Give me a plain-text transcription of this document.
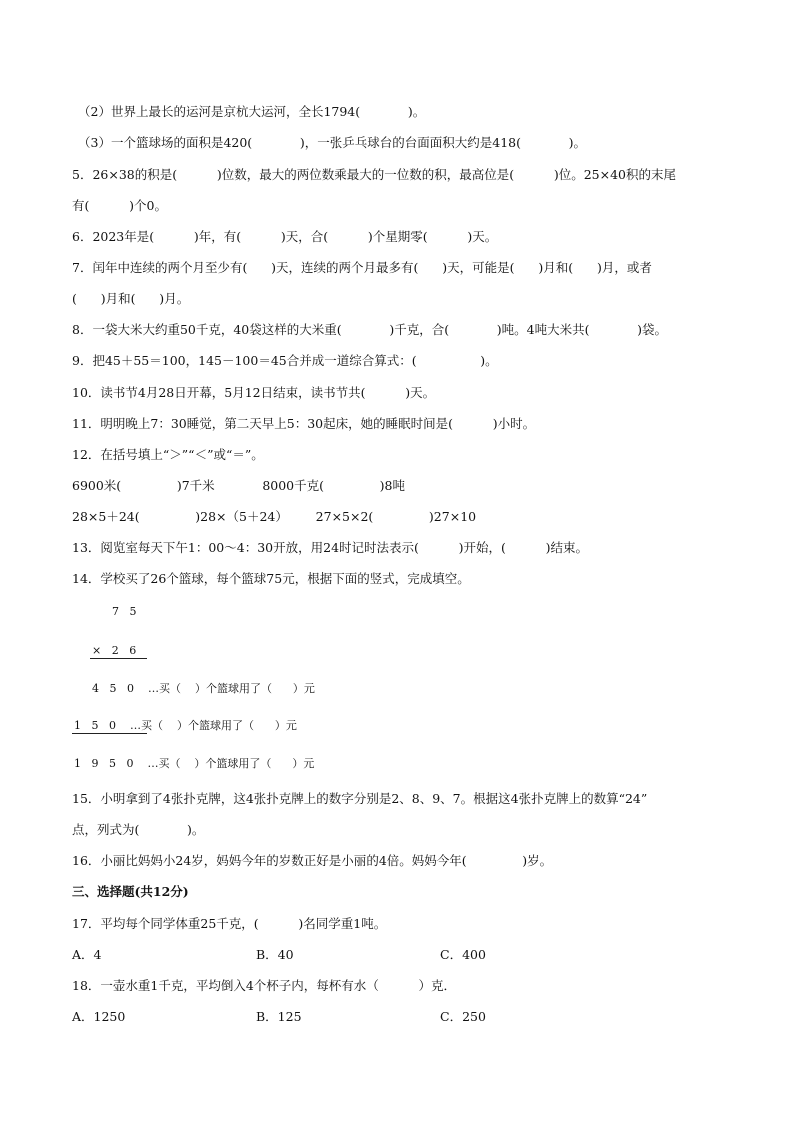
（2）世界上最长的运河是京杭大运河，全长1794(            )。
（3）一个篮球场的面积是420(            )，一张乒乓球台的台面面积大约是418(            )。
5．26×38的积是(          )位数，最大的两位数乘最大的一位数的积，最高位是(          )位。25×40积的末尾
有(          )个0。
6．2023年是(          )年，有(          )天，合(          )个星期零(          )天。
7．闰年中连续的两个月至少有(      )天，连续的两个月最多有(      )天，可能是(      )月和(      )月，或者
(      )月和(      )月。
8．一袋大米大约重50千克，40袋这样的大米重(            )千克，合(            )吨。4吨大米共(            )袋。
9．把45＋55＝100，145－100＝45合并成一道综合算式：(                )。
10．读书节4月28日开幕，5月12日结束，读书节共(          )天。
11．明明晚上7：30睡觉，第二天早上5：30起床，她的睡眠时间是(          )小时。
12．在括号填上“＞”“＜”或“＝”。
6900米(              )7千米            8000千克(              )8吨
28×5＋24(              )28×（5＋24）       27×5×2(              )27×10
13．阅览室每天下午1：00～4：30开放，用24时记时法表示(          )开始，(          )结束。
14．学校买了26个篮球，每个篮球75元，根据下面的竖式，完成填空。
7   5
×   2   6
4   5   0    …买（    ）个篮球用了（      ）元
1   5   0    …买（    ）个篮球用了（      ）元
1   9   5   0    …买（    ）个篮球用了（      ）元
15．小明拿到了4张扑克牌，这4张扑克牌上的数字分别是2、8、9、7。根据这4张扑克牌上的数算“24”
点，列式为(            )。
16．小丽比妈妈小24岁，妈妈今年的岁数正好是小丽的4倍。妈妈今年(              )岁。
三、选择题(共12分)
17．平均每个同学体重25千克，(          )名同学重1吨。
A．4	B．40	C．400
18．一壶水重1千克，平均倒入4个杯子内，每杯有水（          ）克．
A．1250	B．125	C．250
